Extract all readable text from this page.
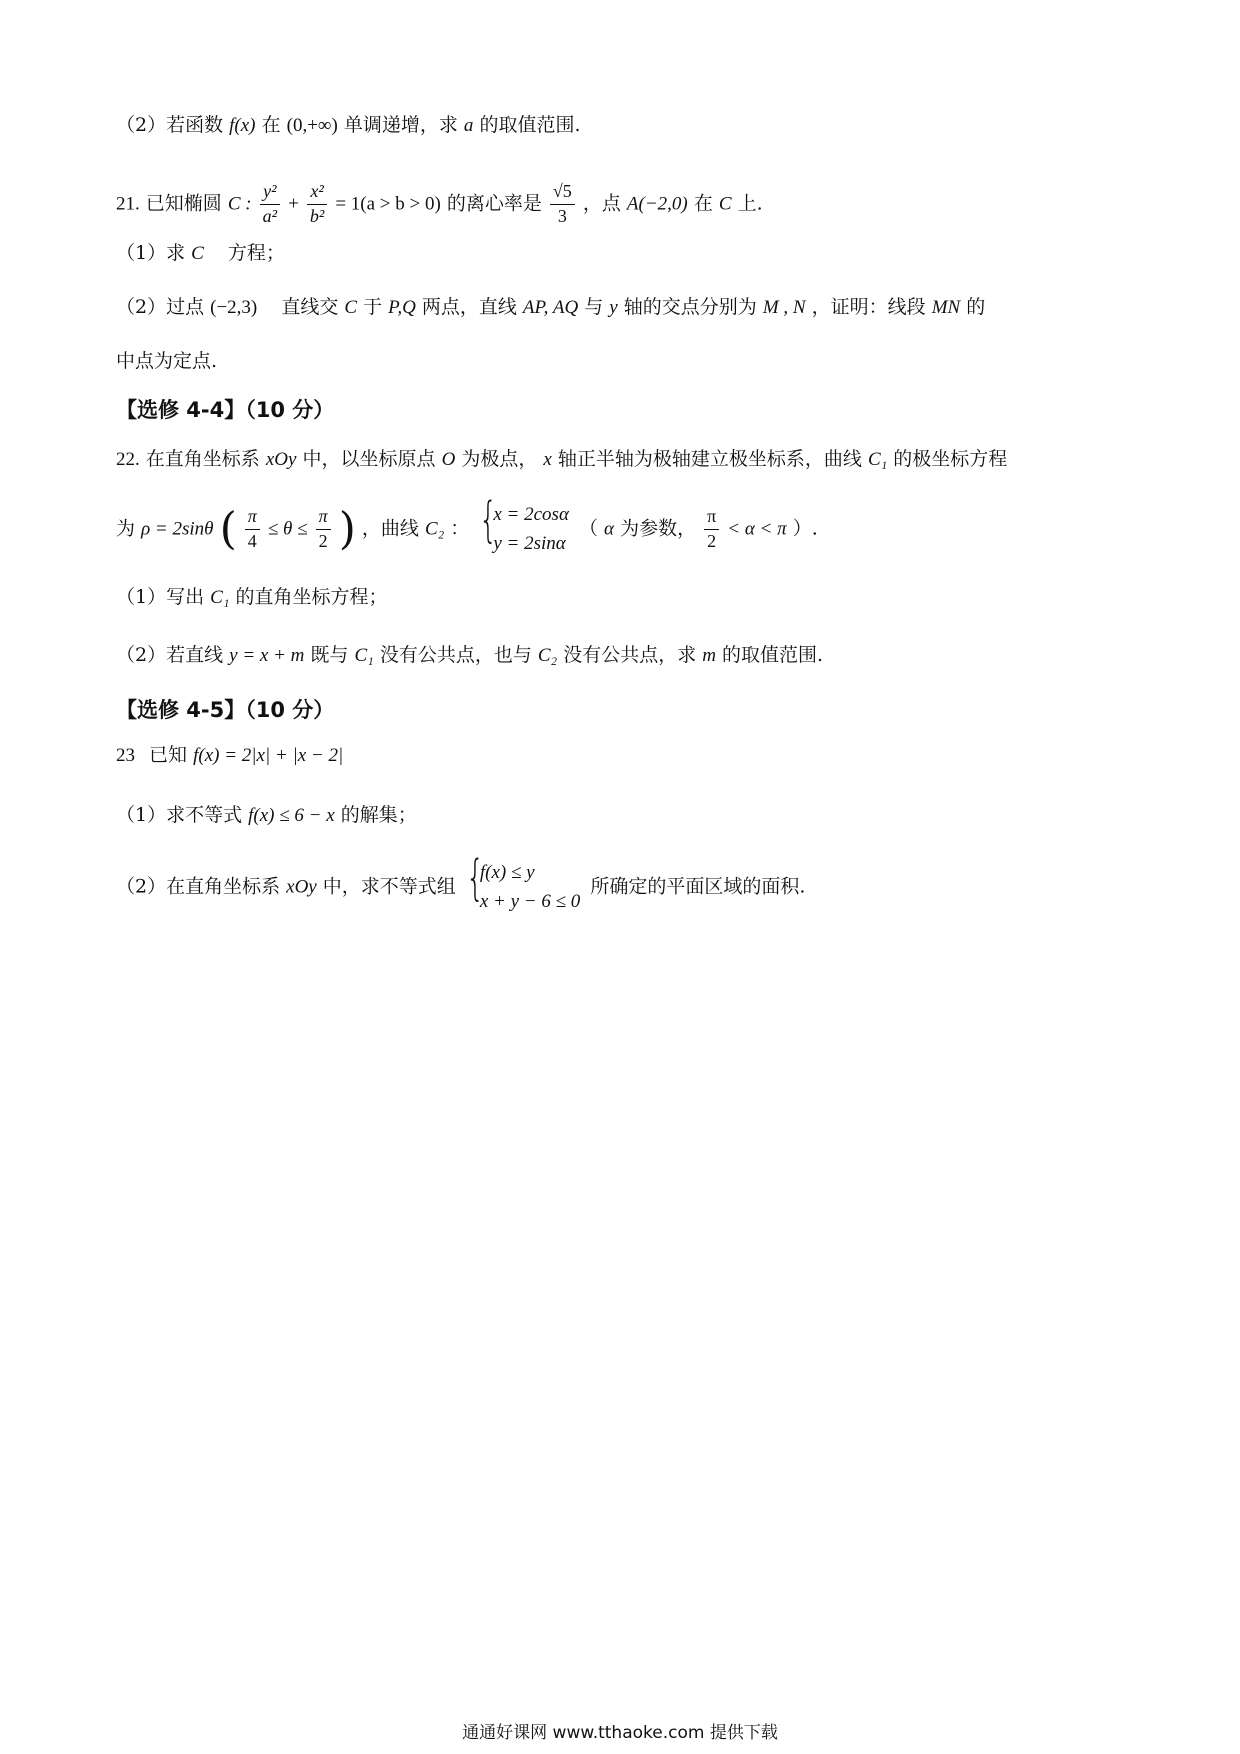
（2）若函数 f(x) 在 (0,+∞) 单调递增，求 a 的取值范围.
21. 已知椭圆 C : $\frac{\text{y²}}{\text{a²}} + \frac{\text{x²}}{\text{b²}} = 1(a > b > 0)$ 的离心率是 $\frac{√5}{3}$ ，点 A(−2,0) 在 C 上.
（1）求 C 方程；
（2）过点 (−2,3) 直线交 C 于 P,Q 两点，直线 AP, AQ 与 y 轴的交点分别为 M , N ，证明：线段 MN 的
中点为定点.
【选修 4-4】（10 分）
22. 在直角坐标系 xOy 中，以坐标原点 O 为极点， x 轴正半轴为极轴建立极坐标系，曲线 C₁ 的极坐标方程
为 ρ = 2sinθ ( $\frac{\pi}{4} \le \theta \le \frac{\pi}{2}$ ) ，曲线 C₂ ： {
x = 2cosα
y = 2sinα
（ α 为参数， $\frac{\pi}{2} < \alpha < \pi$ ）.
（1）写出 C₁ 的直角坐标方程；
（2）若直线 y = x + m 既与 C₁ 没有公共点，也与 C₂ 没有公共点，求 m 的取值范围.
【选修 4-5】（10 分）
23 已知 f(x) = 2|x| + |x − 2|
（1）求不等式 f(x) ≤ 6 − x 的解集；
（2）在直角坐标系 xOy 中，求不等式组 {
f(x) ≤ y
x + y − 6 ≤ 0
所确定的平面区域的面积.
通通好课网 www.tthaoke.com 提供下载
